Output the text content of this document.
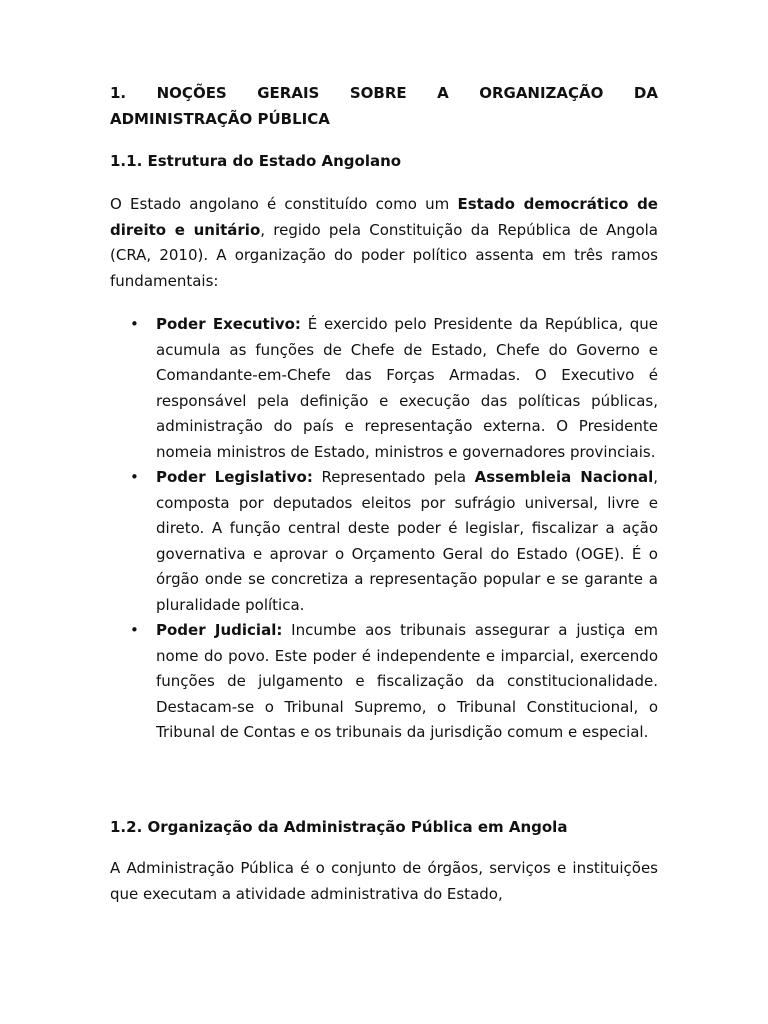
1. NOÇÕES GERAIS SOBRE A ORGANIZAÇÃO DA
ADMINISTRAÇÃO PÚBLICA
1.1. Estrutura do Estado Angolano

O Estado angolano é constituído como um Estado democrático de direito e unitário, regido pela Constituição da República de Angola (CRA, 2010). A organização do poder político assenta em três ramos fundamentais:

• Poder Executivo: É exercido pelo Presidente da República, que acumula as funções de Chefe de Estado, Chefe do Governo e Comandante-em-Chefe das Forças Armadas. O Executivo é responsável pela definição e execução das políticas públicas, administração do país e representação externa. O Presidente nomeia ministros de Estado, ministros e governadores provinciais.

• Poder Legislativo: Representado pela Assembleia Nacional, composta por deputados eleitos por sufrágio universal, livre e direto. A função central deste poder é legislar, fiscalizar a ação governativa e aprovar o Orçamento Geral do Estado (OGE). É o órgão onde se concretiza a representação popular e se garante a pluralidade política.

• Poder Judicial: Incumbe aos tribunais assegurar a justiça em nome do povo. Este poder é independente e imparcial, exercendo funções de julgamento e fiscalização da constitucionalidade. Destacam-se o Tribunal Supremo, o Tribunal Constitucional, o Tribunal de Contas e os tribunais da jurisdição comum e especial.

1.2. Organização da Administração Pública em Angola

A Administração Pública é o conjunto de órgãos, serviços e instituições que executam a atividade administrativa do Estado,
